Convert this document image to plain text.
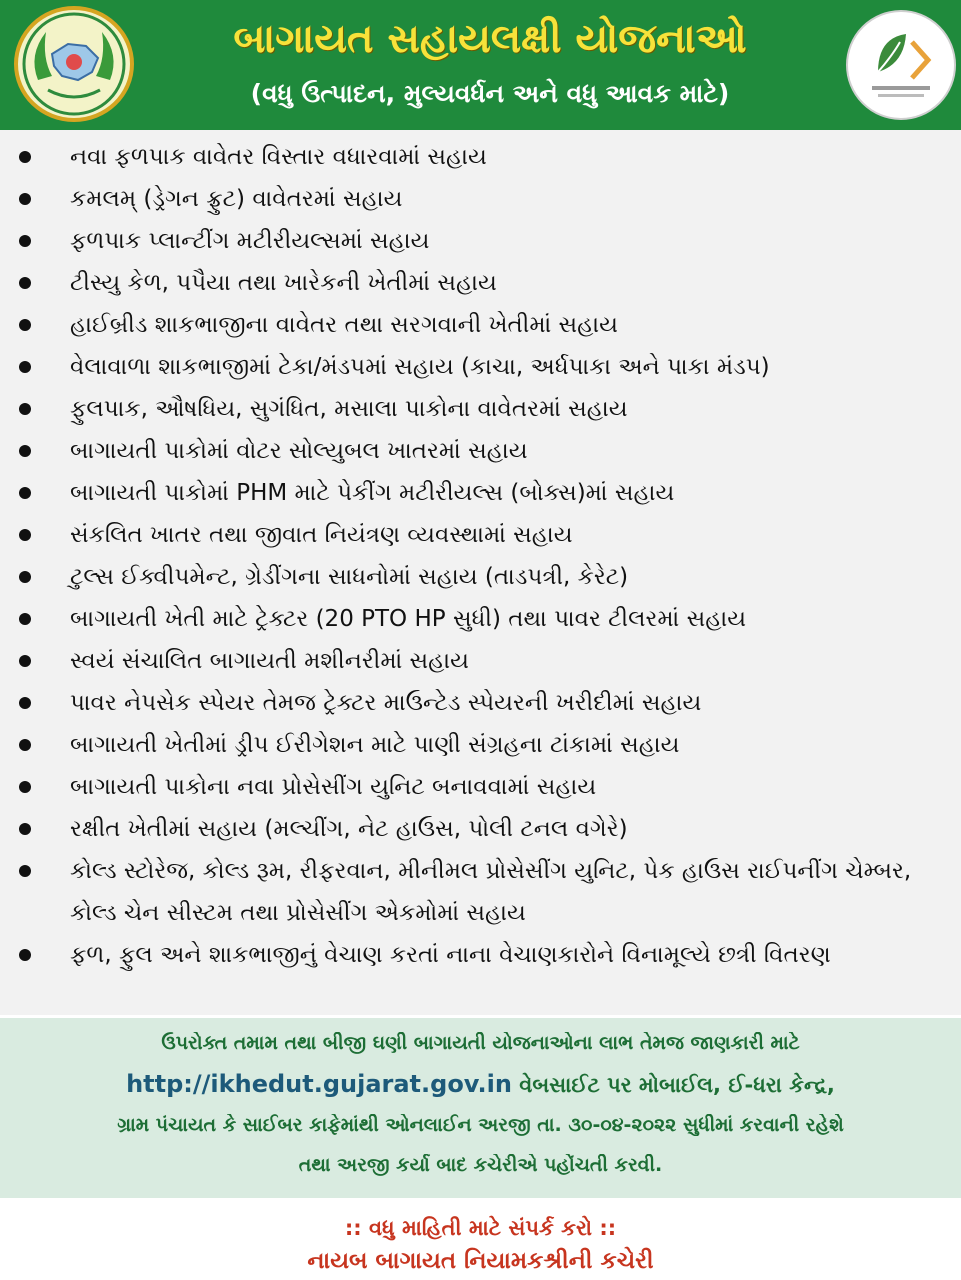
બાગાયત સહાયલક્ષી યોજનાઓ
(વધુ ઉત્પાદન, મુલ્યવર્ધન અને વધુ આવક માટે)
નવા ફળપાક વાવેતર વિસ્તાર વધારવામાં સહાય
કમલમ્ (ડ્રેગન ફ્રુટ) વાવેતરમાં સહાય
ફળપાક પ્લાન્ટીંગ મટીરીયલ્સમાં સહાય
ટીસ્યુ કેળ, પપૈયા તથા ખારેકની ખેતીમાં સહાય
હાઈબ્રીડ શાકભાજીના વાવેતર તથા સરગવાની ખેતીમાં સહાય
વેલાવાળા શાકભાજીમાં ટેકા/મંડપમાં સહાય (કાચા, અર્ધપાકા અને પાકા મંડપ)
ફુલપાક, ઔષધિય, સુગંધિત, મસાલા પાકોના વાવેતરમાં સહાય
બાગાયતી પાકોમાં વોટર સોલ્યુબલ ખાતરમાં સહાય
બાગાયતી પાકોમાં PHM માટે પેકીંગ મટીરીયલ્સ (બોક્સ)માં સહાય
સંકલિત ખાતર તથા જીવાત નિયંત્રણ વ્યવસ્થામાં સહાય
ટુલ્સ ઈક્વીપમેન્ટ, ગ્રેડીંગના સાધનોમાં સહાય (તાડપત્રી, કેરેટ)
બાગાયતી ખેતી માટે ટ્રેક્ટર (20 PTO HP સુધી) તથા પાવર ટીલરમાં સહાય
સ્વયં સંચાલિત બાગાયતી મશીનરીમાં સહાય
પાવર નેપસેક સ્પેયર તેમજ ટ્રેક્ટર માઉન્ટેડ સ્પેયરની ખરીદીમાં સહાય
બાગાયતી ખેતીમાં ડ્રીપ ઈરીગેશન માટે પાણી સંગ્રહના ટાંકામાં સહાય
બાગાયતી પાકોના નવા પ્રોસેસીંગ યુનિટ બનાવવામાં સહાય
રક્ષીત ખેતીમાં સહાય (મલ્ચીંગ, નેટ હાઉસ, પોલી ટનલ વગેરે)
કોલ્ડ સ્ટોરેજ, કોલ્ડ રૂમ, રીફરવાન, મીનીમલ પ્રોસેસીંગ યુનિટ, પેક હાઉસ રાઈપનીંગ ચેમ્બર, કોલ્ડ ચેન સીસ્ટમ તથા પ્રોસેસીંગ એકમોમાં સહાય
ફળ, ફુલ અને શાકભાજીનું વેચાણ કરતાં નાના વેચાણકારોને વિનામૂલ્યે છત્રી વિતરણ
ઉપરોક્ત તમામ તથા બીજી ઘણી બાગાયતી યોજનાઓના લાભ તેમજ જાણકારી માટે
http://ikhedut.gujarat.gov.in વેબસાઈટ પર મોબાઈલ, ઈ-ધરા કેન્દ્ર,
ગ્રામ પંચાયત કે સાઈબર કાફેમાંથી ઓનલાઈન અરજી તા. ૩૦-૦૪-૨૦૨૨ સુધીમાં કરવાની રહેશે
તથા અરજી કર્યા બાદ કચેરીએ પહોંચતી કરવી.
:: વધુ માહિતી માટે સંપર્ક કરો ::
નાયબ બાગાયત નિયામકશ્રીની કચેરી
